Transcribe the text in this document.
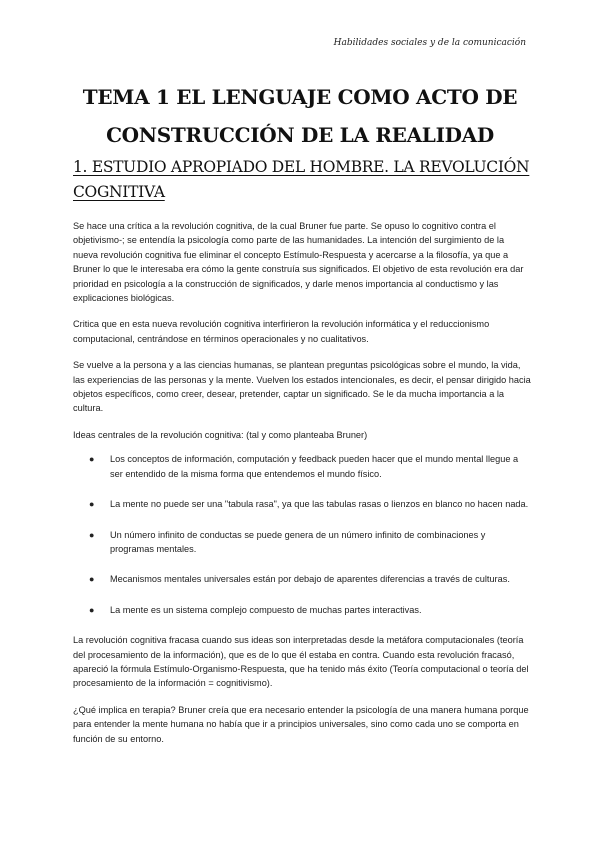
Habilidades sociales y de la comunicación
TEMA 1 EL LENGUAJE COMO ACTO DE
CONSTRUCCIÓN DE LA REALIDAD
1. ESTUDIO APROPIADO DEL HOMBRE. LA REVOLUCIÓN COGNITIVA

Se hace una crítica a la revolución cognitiva, de la cual Bruner fue parte. Se opuso lo cognitivo contra el objetivismo-; se entendía la psicología como parte de las humanidades. La intención del surgimiento de la nueva revolución cognitiva fue eliminar el concepto Estímulo-Respuesta y acercarse a la filosofía, ya que a Bruner lo que le interesaba era cómo la gente construía sus significados. El objetivo de esta revolución era dar prioridad en psicología a la construcción de significados, y darle menos importancia al conductismo y las explicaciones biológicas.

Critica que en esta nueva revolución cognitiva interfirieron la revolución informática y el reduccionismo computacional, centrándose en términos operacionales y no cualitativos.

Se vuelve a la persona y a las ciencias humanas, se plantean preguntas psicológicas sobre el mundo, la vida, las experiencias de las personas y la mente. Vuelven los estados intencionales, es decir, el pensar dirigido hacia objetos específicos, como creer, desear, pretender, captar un significado. Se le da mucha importancia a la cultura.

Ideas centrales de la revolución cognitiva: (tal y como planteaba Bruner)

● Los conceptos de información, computación y feedback pueden hacer que el mundo mental llegue a ser entendido de la misma forma que entendemos el mundo físico.
● La mente no puede ser una "tabula rasa", ya que las tabulas rasas o lienzos en blanco no hacen nada.
● Un número infinito de conductas se puede genera de un número infinito de combinaciones y programas mentales.
● Mecanismos mentales universales están por debajo de aparentes diferencias a través de culturas.
● La mente es un sistema complejo compuesto de muchas partes interactivas.

La revolución cognitiva fracasa cuando sus ideas son interpretadas desde la metáfora computacionales (teoría del procesamiento de la información), que es de lo que él estaba en contra. Cuando esta revolución fracasó, apareció la fórmula Estímulo-Organismo-Respuesta, que ha tenido más éxito (Teoría computacional o teoría del procesamiento de la información = cognitivismo).

¿Qué implica en terapia? Bruner creía que era necesario entender la psicología de una manera humana porque para entender la mente humana no había que ir a principios universales, sino como cada uno se comporta en función de su entorno.
